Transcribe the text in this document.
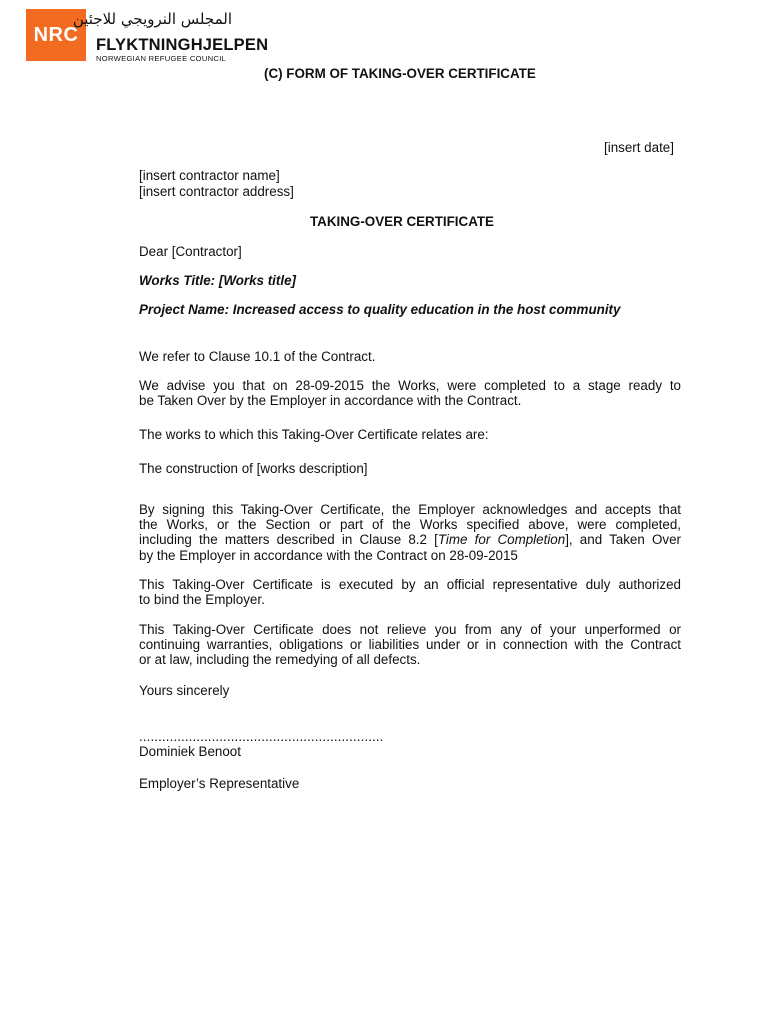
NRC
المجلس النرويجي للاجئين
FLYKTNINGHJELPEN
NORWEGIAN REFUGEE COUNCIL
(C) FORM OF TAKING-OVER CERTIFICATE
[insert date]
[insert contractor name]
[insert contractor address]
TAKING-OVER CERTIFICATE
Dear [Contractor]
Works Title: [Works title]
Project Name: Increased access to quality education in the host community
We refer to Clause 10.1 of the Contract.
We advise you that on 28-09-2015 the Works, were completed to a stage ready to
be Taken Over by the Employer in accordance with the Contract.
The works to which this Taking-Over Certificate relates are:
The construction of [works description]
By signing this Taking-Over Certificate, the Employer acknowledges and accepts that
the Works, or the Section or part of the Works specified above, were completed,
including the matters described in Clause 8.2 [Time for Completion], and Taken Over
by the Employer in accordance with the Contract on 28-09-2015
This Taking-Over Certificate is executed by an official representative duly authorized
to bind the Employer.
This Taking-Over Certificate does not relieve you from any of your unperformed or
continuing warranties, obligations or liabilities under or in connection with the Contract
or at law, including the remedying of all defects.
Yours sincerely
................................................................
Dominiek Benoot
Employer’s Representative
